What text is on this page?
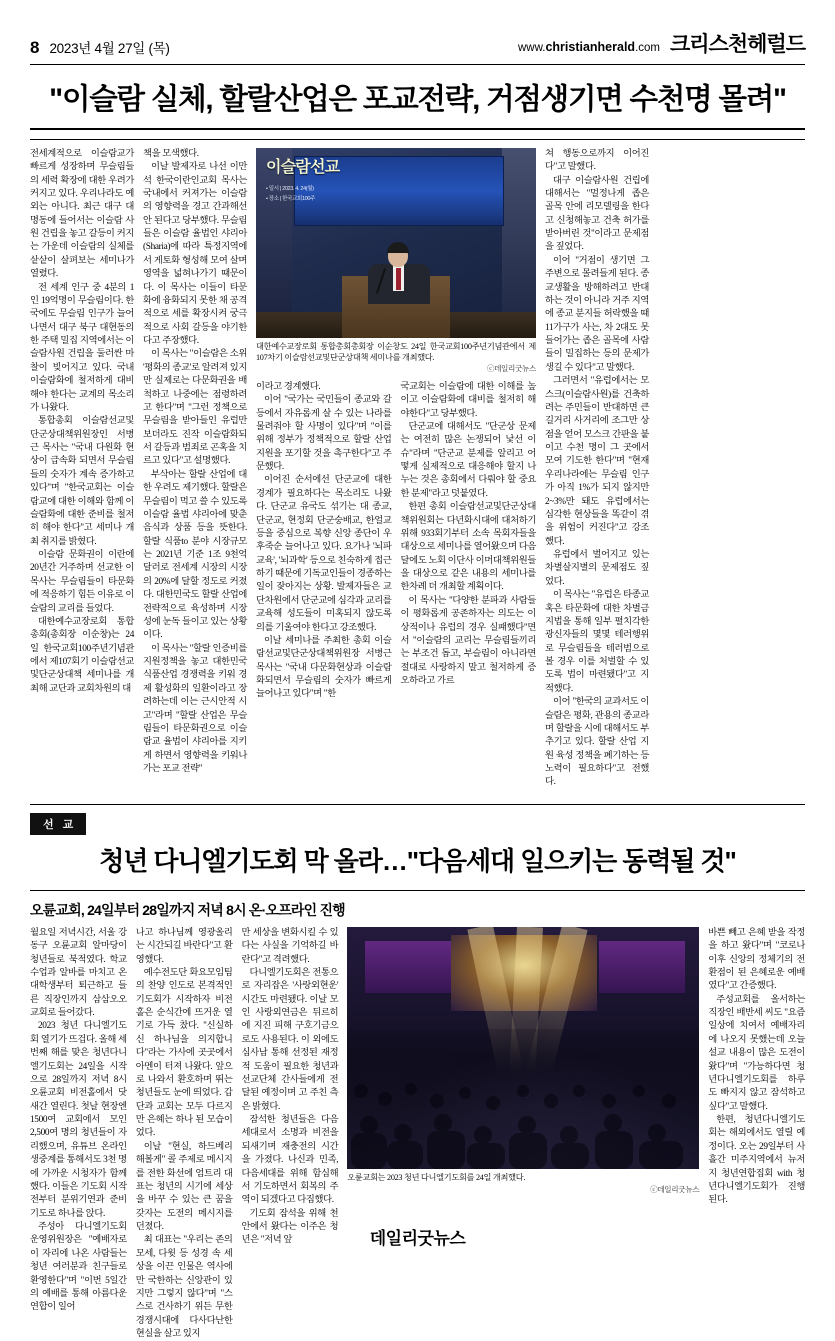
8 2023년 4월 27일 (목)
데일리굿뉴스
www.christianherald.com 크리스천헤럴드
"이슬람 실체, 할랄산업은 포교전략, 거점생기면 수천명 몰려"

전세계적으로 이슬람교가 빠르게 성장하며 무슬림들의 세력 확장에 대한 우려가 커지고 있다. 우리나라도 예외는 아니다. 최근 대구 대명동에 들어서는 이슬람 사원 건립을 놓고 갈등이 커지는 가운데 이슬람의 실체를 샅샅이 살펴보는 세미나가 열렸다.

전 세계 인구 중 4분의 1인 19억명이 무슬림이다. 한국에도 무슬림 인구가 늘어나면서 대구 북구 대현동의 한 주택 밀집 지역에서는 이슬람사원 건립을 둘러싼 마찰이 빚어지고 있다. 국내 이슬람화에 철저하게 대비해야 한다는 교계의 목소리가 나왔다.

통합총회 이슬람선교및단군상대책위원장인 서병근 목사는 "국내 다원화 현상이 급속화 되면서 무슬림들의 숫자가 계속 증가하고 있다"며 "한국교회는 이슬람교에 대한 이해와 함께 이슬람화에 대한 준비를 철저히 해야 한다"고 세미나 개최 취지를 밝혔다.

이슬람 문화권이 이란에 20년간 거주하며 선교한 이 목사는 무슬림들이 타문화에 적응하기 힘든 이유로 이슬람의 교리를 들었다.

대한예수교장로회 통합총회(총회장 이순창)는 24일 한국교회100주년기념관에서 제107회기 이슬람선교및단군상대책 세미나를 개최해 교단과 교회차원의 대

책을 모색했다.

이날 발제자로 나선 이만석 한국이란인교회 목사는 국내에서 커져가는 이슬람의 영향력을 경고 간과해선 안 된다고 당부했다. 무슬림들은 이슬람 율법인 샤리아(Sharia)에 따라 특정지역에서 게토화 형성해 모여 살며 영역을 넓혀나가기 때문이다. 이 목사는 이들이 타문화에 융화되지 못한 채 공격적으로 세를 확장시켜 궁극적으로 사회 갈등을 야기한다고 주장했다.

이 목사는 "이슬람은 소위 '평화의 종교'로 알려져 있지만 실제로는 다문화권을 배척하고 나중에는 점령하려고 한다"며 "그런 정책으로 무슬림을 받아들인 유럽만 보더라도 진작 이슬람화되서 갈등과 범죄로 곤혹을 치르고 있다"고 설명했다.

부삭아는 할랄 산업에 대한 우려도 제기했다. 할랄은 무슬림이 먹고 쓸 수 있도록 이슬람 율법 샤리아에 맞춘 음식과 상품 등을 뜻한다. 할랄 식품to 분야 시장규모는 2021년 기준 1조 9천억 달러로 전세계 시장의 시장의 20%에 달할 정도로 커졌다. 대한민국도 할랄 산업에 전략적으로 육성하며 시장성에 눈독 들이고 있는 상황이다.

이 목사는 "할랄 인증비를 지원정책을 놓고 대한민국 식품산업 경쟁력을 키워 경제 활성화의 일환이라고 장려하는데 이는 근시안적 시고"라며 "할랄 산업은 무슬림들이 타문화권으로 이슬람교 율법이 샤리아를 지키게 하면서 영향력을 키워나가는 포교 전략"

이슬람선교
• 일시 | 2023. 4. 24(월)
• 장소 | 한국교회100주
대한예수교장로회 통합총회총회장 이순창도 24일 한국교회100주년기념관에서 제107차기 이슬람선교및단군상대책 세미나를 개최했다.
ⓒ데일리굿뉴스

이라고 경계했다.

이어 "국가는 국민들이 종교와 갈등에서 자유롭게 살 수 있는 나라를 물려줘야 할 사명이 있다"며 "이를 위해 정부가 정책적으로 할랄 산업 지원을 포기할 것을 촉구한다"고 주문했다.

이어진 순서에선 단군교에 대한 경계가 필요하다는 목소리도 나왔다. 단군교 유국도 섞기는 대 종교, 단군교, 현정회 단군숭배교, 한얼교 등을 중심으로 복향 신앙 종단이 우후죽순 늘어나고 있다. 요가나 '뇌파교육', '뇌과학' 등으로 친숙하게 접근하기 때문에 기독교인들이 경종하는 일이 잦아지는 상황. 발제자들은 교단차원에서 단군교에 심각과 교리를 교육해 성도들이 미혹되지 않도록 의를 기울여야 한다고 강조했다.

이날 세미나를 주최한 총회 이슬람선교및단군상대책위원장 서병근 목사는 "국내 다문화현상과 이슬람화되면서 무슬림의 숫자가 빠르게 늘어나고 있다"며 "한

국교회는 이슬람에 대한 이해를 높이고 이슬람화에 대비를 철저히 해야한다"고 당부했다.

단군교에 대해서도 "단군상 문제는 여전히 많은 논쟁되어 낯선 이슈"라며 "단군교 분제를 알리고 어떻게 실제적으로 대응해야 할지 나누는 것은 총회에서 다뤄야 할 중요한 분제"라고 덧붙였다.

한편 총회 이슬람선교및단군상대책위원회는 다년화시대에 대처하기 위해 933회기부터 소속 목회자들을 대상으로 세미나를 열어왔으며 다음달에도 노회 이단사 이머대책위원들을 대상으로 같은 내용의 세미나를 한차례 더 개최할 계획이다.

이 목사는 "다양한 분파과 사람들이 평화롭게 공존하자는 의도는 이상적이나 유럽의 경우 실패했다"면서 "이슬람의 교리는 무슬림들끼리는 부조건 돕고, 부슬림이 아니라면 절대로 사랑하지 말고 철저하게 증오하라고 가르

쳐 행동으로까지 이어진다"고 말했다.

대구 이슬람사원 건립에 대해서는 "멀정나게 좁은 골목 안에 리모델링을 한다고 신청해놓고 건축 허가를 받아버린 것"이라고 문제점을 짚었다.

이어 "거점이 생기면 그 주변으로 몰려들게 된다. 종교생활을 방해하려고 반대하는 것이 아니라 거주 지역에 종교 분지들 허락했을 때 11가구가 사는, 차 2대도 못 들어가는 좁은 골목에 사람들이 밀집하는 등의 문제가 생길 수 있다"고 말했다.

그러면서 "유럽에서는 모스크(이슬람사원)를 건축하려는 주민들이 반대하면 큰 길거리 사거리에 조그만 상점을 얻어 모스크 간판을 붙이고 수천 명이 그 곳에서 모여 기도한 한다"며 "현재 우리나라에는 무슬림 인구가 아직 1%가 되지 않지만 2~3%만 돼도 유럽에서는 심각한 현상들을 똑같이 겪을 위험이 커진다"고 강조했다.

유럽에서 벌어지고 있는 차별살지별의 문제점도 짚었다.

이 목사는 "유럽은 타종교 혹은 타문화에 대한 차별금지법을 통해 일부 펼치각한 광신자들의 몇몇 테러행위로 무슬림들을 테러범으로 볼 경우 이를 처벌할 수 있도록 법이 마련됐다"고 지적했다.

이어 "한국의 교과서도 이슬람은 평화, 관용의 종교라며 할랄을 시에 대해서도 부추기고 있다. 할랄 산업 지원 육성 정책을 폐기하는 등 노력이 필요하다"고 전했다.

선 교
청년 다니엘기도회 막 올라…"다음세대 일으키는 동력될 것"
오륜교회, 24일부터 28일까지 저녁 8시 온·오프라인 진행

월요일 저녁시간, 서울 강동구 오륜교회 알마당이 청년들로 북적였다. 학교 수업과 알바를 마치고 온 대학생부터 퇴근하고 들른 직장인까지 삼삼오오 교회로 들어갔다.

2023 청년 다니엘기도회 열기가 뜨겁다. 올해 세 번째 해를 맞은 청년다니엘기도회는 24일을 시작으로 28일까지 저녁 8시 오륜교회 비전홀에서 닷새간 열린다. 첫날 현장엔 1500여 교회에서 모인 2,500여 명의 청년들이 자리했으며, 유튜브 온라인 생중계를 통해서도 3천 명에 가까운 시청자가 함께했다. 이들은 기도회 시작 전부터 분위기연과 준비 기도로 하나를 앉다.

주성아 다니엘기도회 운영위원장은 "예배자로 이 자리에 나온 사람들는 청년 여러분과 친구들로 환영한다"며 "이번 5일간의 예배를 통해 아름다운 연합이 일어

나고 하나님께 영광올리는 시간되길 바란다"고 환영했다.

예수전도단 화요모임팀의 찬양 인도로 본격적인 기도회가 시작하자 비전홀은 순식간에 뜨거운 열기로 가득 찼다. "신실하신 하나님을 의지합니다"라는 가사에 곳곳에서 아멘이 터져 나왔다. 앞으로 나와서 환호하며 뛰는 청년들도 눈에 띄었다. 갑단과 교회는 모두 다르지만 은혜는 하나 된 모습이었다.

이날 "현실, 하드베리 해볼게" 콜 주제로 메시지를 전한 화선에 엄트리 대표는 청년의 시기에 세상을 바꾸 수 있는 큰 꿈을 갖자는 도전의 메시지를 던졌다.

최 대표는 "우리는 존의 모세, 다윗 등 성경 속 세상을 이끈 인물은 역사에만 국한하는 신앙관이 있지만 그렇지 않다"며 "스스로 건사하기 위든 무한경쟁시대에 다사다난한 현실을 살고 있지

만 세상을 변화시킬 수 있다는 사실을 기억하길 바란다"고 격려했다.

다니엘기도회은 전통으로 자리잡은 '사랑외현운' 시간도 마련됐다. 이날 모인 사랑외연금은 뒤르히에 지진 피해 구호기금으로도 사용된다. 이 외에도 심사남 통해 선정된 재정적 도움이 필요한 청년과 선교단체 간사들에게 전달된 예정이며 고 주친 측은 밝혔다.

잠석한 청년들은 다음세대로서 소명과 비전을 되새기며 재충전의 시간을 가졌다. 나신과 민족, 다음세대를 위해 함심해서 기도하면서 회복의 주역이 되겠다고 다짐했다.

기도회 잠석을 위해 천안에서 왔다는 이주은 청년은 "저녁 앞

오륜교회는 2023 청년 다니엘기도회를 24일 개최했다.
ⓒ데일리굿뉴스

바쁜 빼고 은혜 받을 작정을 하고 왔다"며 "코로나 이후 신앙의 정체기의 전환점이 된 은혜로운 예배였다"고 간증했다.

주성교회를 올서하는 직장인 배반세 씨도 "요즘 일상에 치여서 예배자리에 나오지 못했는데 오늘 설교 내용이 많은 도전이 왔다"며 "가능하다면 청년다니엘기도회를 하루도 빠지지 않고 잠석하고 싶다"고 말했다.

한편, 청년다니엘기도회는 해외에서도 열릴 예정이다. 오는 29일부터 사흘간 미주지역에서 뉴저지 청년연합집회 with 청년다니엘기도회가 진행된다.
